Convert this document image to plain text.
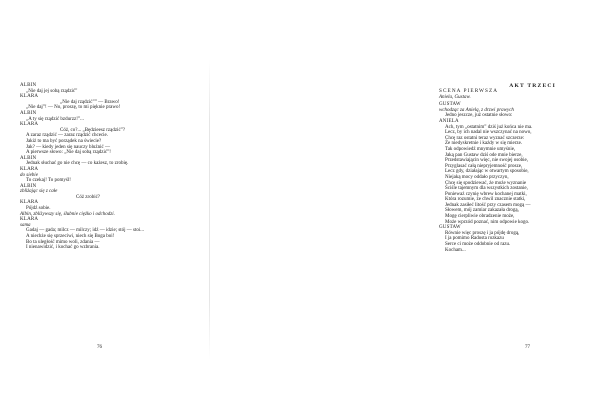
ALBIN
„Nie daj jej sobą rządzić”
KLARA
„Nie daj rządzić”” — Brawo!
„Nie daj”! — No, proszę, to mi pięknie prawo!
ALBIN
„A ty się rządzić bzdurzz!”...
KLARA
Cóż, co?... „Będzieesz rządzić”?
A zaraz rządzić — zaraz rządzić chcecie.
Jakiż to ma być porządek na świecie?
Jak? — kiedy jeden się nauczy bluźnić —
A pierwsze słowo: „Nie daj sobą rządzić”!
ALBIN
Jednak słuchać go nie chcę — co każesz, to zrobię.
KLARA
do siebie
To czekaj! To pomyśl!
ALBIN
zbliżając się z całe
Cóż zrobić?
KLARA
Pójdź sobie.
Albin, zbliżywszy się, ślubnie ciężko i odchodzi.
KLARA
sama
Gadaj — gada; milcz — milczy; idź — idzie; stój — stoi...
A niechże się sprzeciwi, niech się Boga boi!
Bo ta uległość mimo woli, zdania —
I nienawidzić, i kochać go wzbrania.
76
AKT TRZECI
SCENA PIERWSZA
Aniela, Gustaw.
GUSTAW
wchodząc za Anielą, z drzwi prawych
Jedno jeszcze, już ostatnie słowo:
ANIELA
Ach, tym „ostatnim” dziś już końca nie ma.
Lecz, by ich nadal nie wszczynać na nowo,
Chcę raz ostatni teraz wyznać szczerze:
Że niedyskretnie i każdy w się mierze.
Tak odpowiedź mnymnie umyśnie,
Jaką pan Gustaw dziś ode mnie bierze,
Przedstawiającin więc, nie swojej osobie,
Przyglasać całą niepryjemność prosze,
Lecz gdy, działając w otwartym sposobie,
Niejaką mocy oddało przyczyn,
Chcę się spodziewać, że może wyznanie
Ściśle tajemnym dla wszystkich zostanie,
Ponieważ czynię wbrew kochanej matki,
Która rozumie, że chwil znacznie statki,
Jednak zasiłeć litość przy czasem mogą —
Słowem, mój zamiar zakazała drogą,
Mogę cierpliwie obradzenie może,
Może wprzód poznać, nim odpowie kogo.
GUSTAW
Równie więc proszę i ja pójdę drogą,
I ja pomimo Radosta rozkazu
Serce ci może oddobnie od razu.
Kocham...
77
